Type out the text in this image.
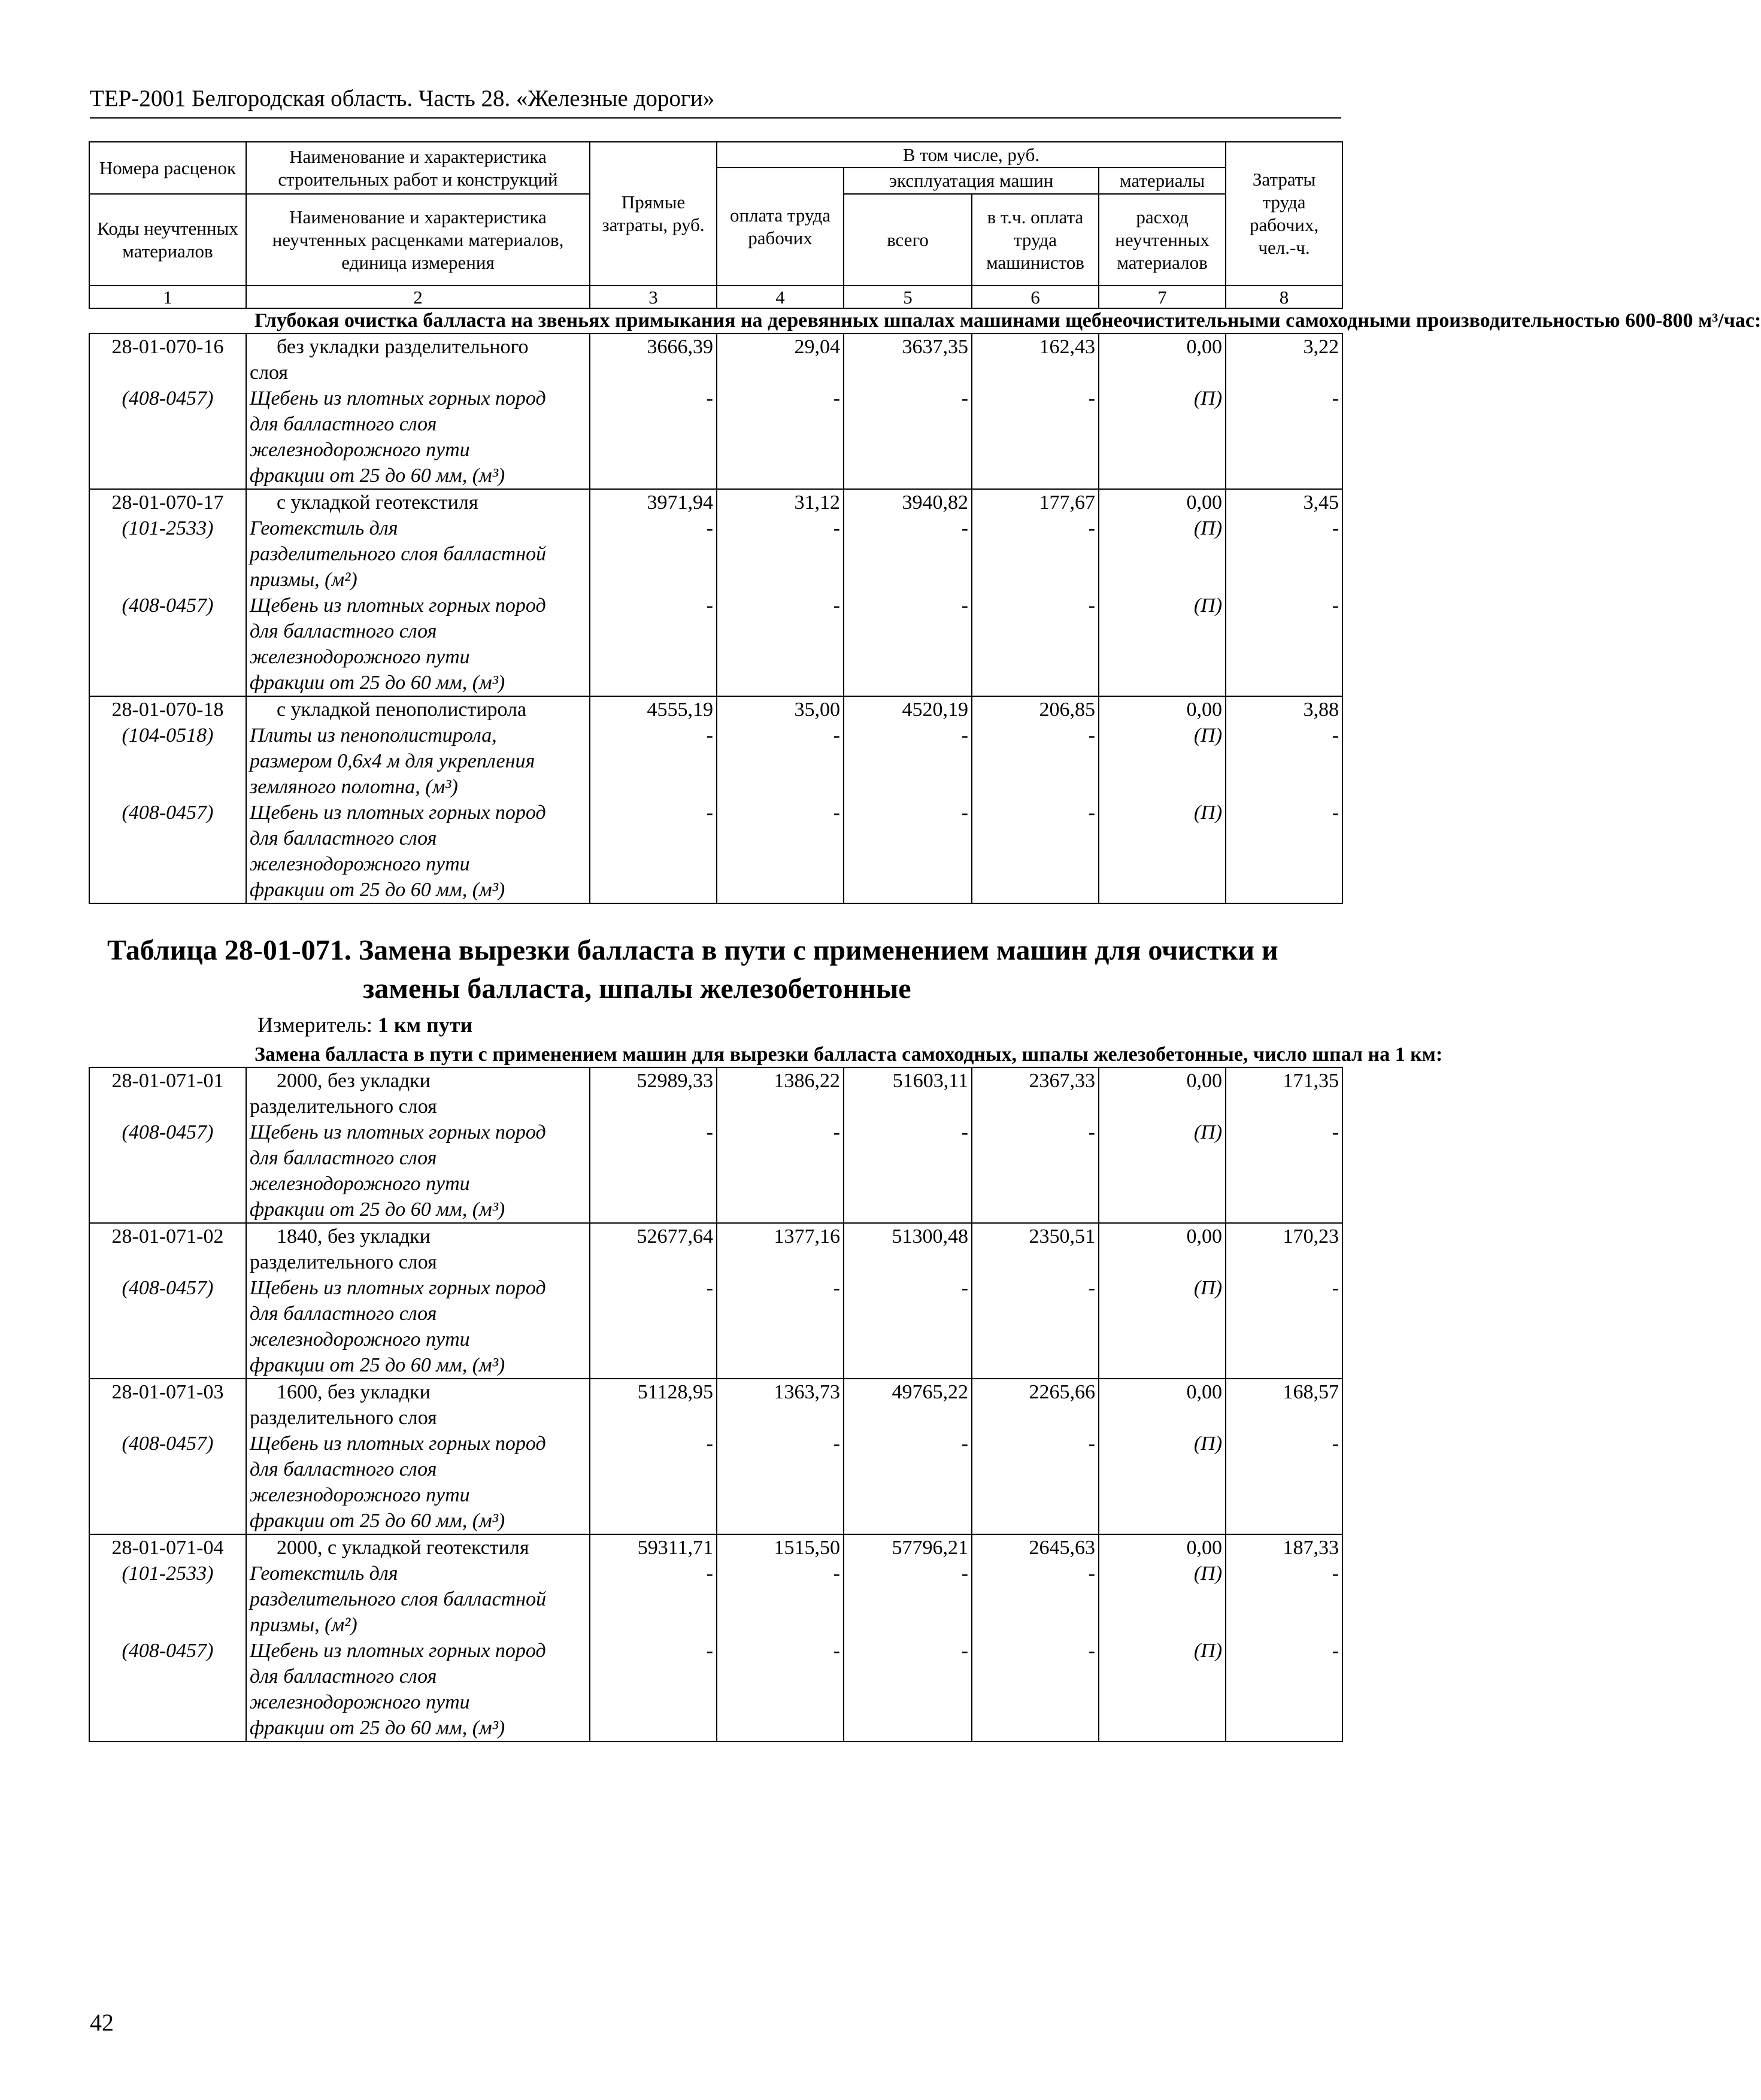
ТЕР-2001 Белгородская область. Часть 28. «Железные дороги»
Номера расценок	Наименование и характеристика строительных работ и конструкций	Прямые затраты, руб.	В том числе, руб.				Затраты труда рабочих, чел.-ч.
			оплата труда рабочих	эксплуатация машин		материалы	
Коды неучтенных материалов	Наименование и характеристика неучтенных расценками материалов, единица измерения			всего	в т.ч. оплата труда машинистов	расход неучтенных материалов	

1	2	3	4	5	6	7	8
Глубокая очистка балласта на звеньях примыкания на деревянных шпалах машинами щебнеочистительными самоходными производительностью 600-800 м³/час:							
28-01-070-16	без укладки разделительного	3666,39	29,04	3637,35	162,43	0,00	3,22
	слоя						
(408-0457)	Щебень из плотных горных пород	-	-	-	-	(П)	-
	для балластного слоя						
	железнодорожного пути						
	фракции от 25 до 60 мм, (м³)						
28-01-070-17	с укладкой геотекстиля	3971,94	31,12	3940,82	177,67	0,00	3,45
(101-2533)	Геотекстиль для	-	-	-	-	(П)	-
	разделительного слоя балластной						
	призмы, (м²)						
(408-0457)	Щебень из плотных горных пород	-	-	-	-	(П)	-
	для балластного слоя						
	железнодорожного пути						
	фракции от 25 до 60 мм, (м³)						
28-01-070-18	с укладкой пенополистирола	4555,19	35,00	4520,19	206,85	0,00	3,88
(104-0518)	Плиты из пенополистирола,	-	-	-	-	(П)	-
	размером 0,6х4 м для укрепления						
	земляного полотна, (м³)						
(408-0457)	Щебень из плотных горных пород	-	-	-	-	(П)	-
	для балластного слоя						
	железнодорожного пути						
	фракции от 25 до 60 мм, (м³)						

Таблица 28-01-071. Замена вырезки балласта в пути с применением машин для очистки и
замены балласта, шпалы железобетонные
Измеритель: 1 км пути							

Замена балласта в пути с применением машин для вырезки балласта самоходных, шпалы железобетонные, число шпал на 1 км:							
28-01-071-01	2000, без укладки	52989,33	1386,22	51603,11	2367,33	0,00	171,35
	разделительного слоя						
(408-0457)	Щебень из плотных горных пород	-	-	-	-	(П)	-
	для балластного слоя						
	железнодорожного пути						
	фракции от 25 до 60 мм, (м³)						
28-01-071-02	1840, без укладки	52677,64	1377,16	51300,48	2350,51	0,00	170,23
	разделительного слоя						
(408-0457)	Щебень из плотных горных пород	-	-	-	-	(П)	-
	для балластного слоя						
	железнодорожного пути						
	фракции от 25 до 60 мм, (м³)						
28-01-071-03	1600, без укладки	51128,95	1363,73	49765,22	2265,66	0,00	168,57
	разделительного слоя						
(408-0457)	Щебень из плотных горных пород	-	-	-	-	(П)	-
	для балластного слоя						
	железнодорожного пути						
	фракции от 25 до 60 мм, (м³)						
28-01-071-04	2000, с укладкой геотекстиля	59311,71	1515,50	57796,21	2645,63	0,00	187,33
(101-2533)	Геотекстиль для	-	-	-	-	(П)	-
	разделительного слоя балластной						
	призмы, (м²)						
(408-0457)	Щебень из плотных горных пород	-	-	-	-	(П)	-
	для балластного слоя						
	железнодорожного пути						
	фракции от 25 до 60 мм, (м³)						
42
